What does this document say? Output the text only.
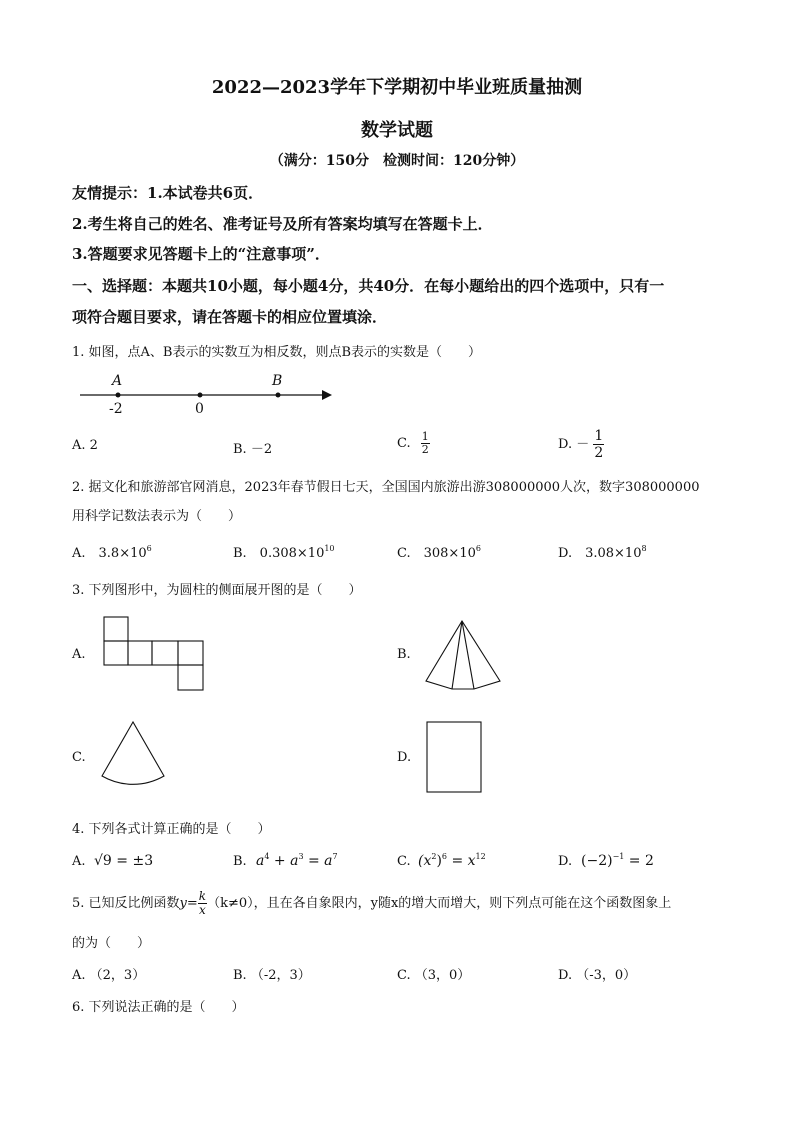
2022—2023学年下学期初中毕业班质量抽测
数学试题
（满分：150分　检测时间：120分钟）
友情提示：1.本试卷共6页．
2.考生将自己的姓名、准考证号及所有答案均填写在答题卡上．
3.答题要求见答题卡上的“注意事项”．
一、选择题：本题共10小题，每小题4分，共40分．在每小题给出的四个选项中，只有一
项符合题目要求，请在答题卡的相应位置填涂．
1. 如图，点A、B表示的实数互为相反数，则点B表示的实数是（　　）
A	B
-2	0
A. 2	B. －2	C. $\frac{1}{2}$	D. － $\frac{1}{2}$
2. 据文化和旅游部官网消息，2023年春节假日七天，全国国内旅游出游308000000人次，数字308000000
用科学记数法表示为（　　）
A.　$3.8\times 10^6$	B.　$0.308\times 10^{10}$	C.　$308\times 10^6$	D.　$3.08\times 10^8$
3. 下列图形中，为圆柱的侧面展开图的是（　　）
A.	B.
C.	D.
4. 下列各式计算正确的是（　　）
A. √9 = ±3	B. $a^4 + a^3 = a^7$	C. $(x^2)^6 = x^{12}$	D. $(-2)^{-1} = 2$
5. 已知反比例函数$y= \frac{k}{x} (k\ne 0)$，且在各自象限内，y随x的增大而增大，则下列点可能在这个函数图象上
的为（　　）
A. （2，3）	B. （-2，3）	C. （3，0）	D. （-3，0）
6. 下列说法正确的是（　　）
